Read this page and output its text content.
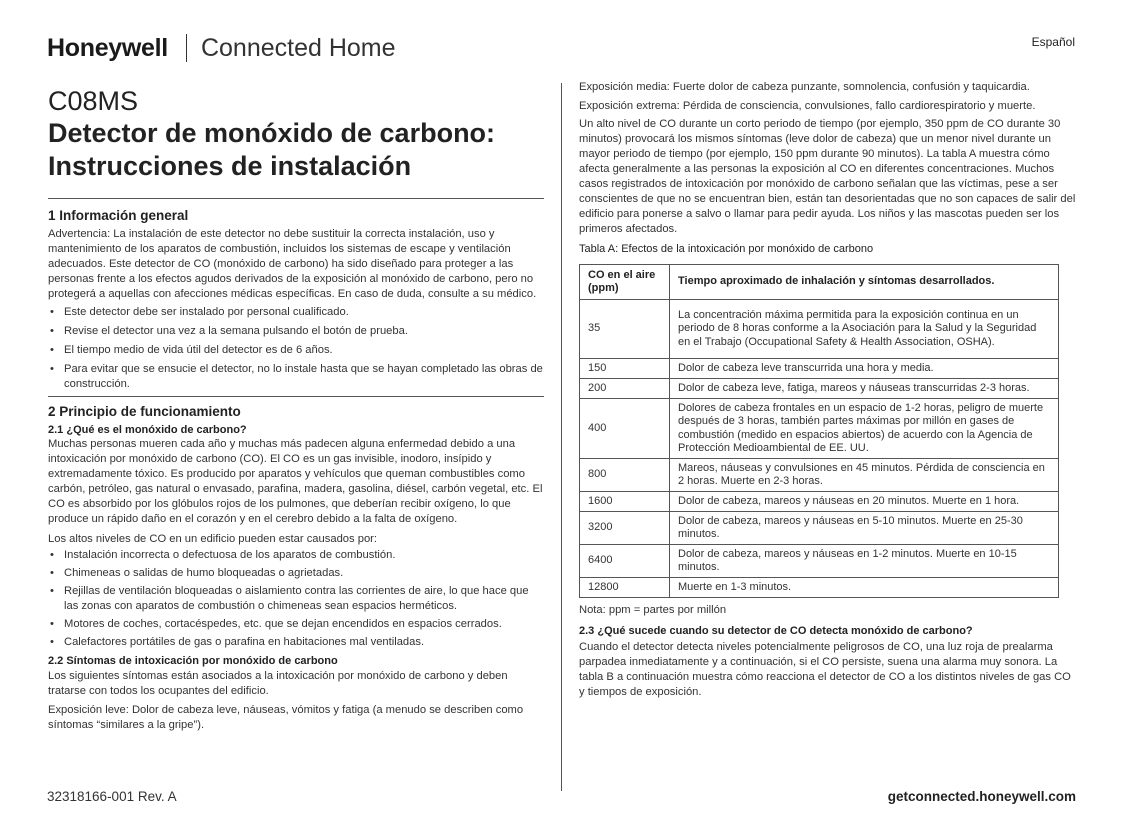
Honeywell Connected Home	Español
C08MS
Detector de monóxido de carbono:
Instrucciones de instalación
1 Información general
Advertencia: La instalación de este detector no debe sustituir la correcta instalación, uso y mantenimiento de los aparatos de combustión, incluidos los sistemas de escape y ventilación adecuados. Este detector de CO (monóxido de carbono) ha sido diseñado para proteger a las personas frente a los efectos agudos derivados de la exposición al monóxido de carbono, pero no protegerá a aquellas con afecciones médicas específicas. En caso de duda, consulte a su médico.
• Este detector debe ser instalado por personal cualificado.
• Revise el detector una vez a la semana pulsando el botón de prueba.
• El tiempo medio de vida útil del detector es de 6 años.
• Para evitar que se ensucie el detector, no lo instale hasta que se hayan completado las obras de construcción.
2 Principio de funcionamiento
2.1 ¿Qué es el monóxido de carbono?
Muchas personas mueren cada año y muchas más padecen alguna enfermedad debido a una intoxicación por monóxido de carbono (CO). El CO es un gas invisible, inodoro, insípido y extremadamente tóxico. Es producido por aparatos y vehículos que queman combustibles como carbón, petróleo, gas natural o envasado, parafina, madera, gasolina, diésel, carbón vegetal, etc. El CO es absorbido por los glóbulos rojos de los pulmones, que deberían recibir oxígeno, lo que produce un rápido daño en el corazón y en el cerebro debido a la falta de oxígeno.
Los altos niveles de CO en un edificio pueden estar causados por:
• Instalación incorrecta o defectuosa de los aparatos de combustión.
• Chimeneas o salidas de humo bloqueadas o agrietadas.
• Rejillas de ventilación bloqueadas o aislamiento contra las corrientes de aire, lo que hace que las zonas con aparatos de combustión o chimeneas sean espacios herméticos.
• Motores de coches, cortacéspedes, etc. que se dejan encendidos en espacios cerrados.
• Calefactores portátiles de gas o parafina en habitaciones mal ventiladas.
2.2 Síntomas de intoxicación por monóxido de carbono
Los siguientes síntomas están asociados a la intoxicación por monóxido de carbono y deben tratarse con todos los ocupantes del edificio.
Exposición leve: Dolor de cabeza leve, náuseas, vómitos y fatiga (a menudo se describen como síntomas “similares a la gripe”).
Exposición media: Fuerte dolor de cabeza punzante, somnolencia, confusión y taquicardia.
Exposición extrema: Pérdida de consciencia, convulsiones, fallo cardiorespiratorio y muerte.
Un alto nivel de CO durante un corto periodo de tiempo (por ejemplo, 350 ppm de CO durante 30 minutos) provocará los mismos síntomas (leve dolor de cabeza) que un menor nivel durante un mayor periodo de tiempo (por ejemplo, 150 ppm durante 90 minutos). La tabla A muestra cómo afecta generalmente a las personas la exposición al CO en diferentes concentraciones. Muchos casos registrados de intoxicación por monóxido de carbono señalan que las víctimas, pese a ser conscientes de que no se encuentran bien, están tan desorientadas que no son capaces de salir del edificio para ponerse a salvo o llamar para pedir ayuda. Los niños y las mascotas pueden ser los primeros afectados.
Tabla A: Efectos de la intoxicación por monóxido de carbono
CO en el aire (ppm)	Tiempo aproximado de inhalación y síntomas desarrollados.
35	La concentración máxima permitida para la exposición continua en un periodo de 8 horas conforme a la Asociación para la Salud y la Seguridad en el Trabajo (Occupational Safety & Health Association, OSHA).
150	Dolor de cabeza leve transcurrida una hora y media.
200	Dolor de cabeza leve, fatiga, mareos y náuseas transcurridas 2-3 horas.
400	Dolores de cabeza frontales en un espacio de 1-2 horas, peligro de muerte después de 3 horas, también partes máximas por millón en gases de combustión (medido en espacios abiertos) de acuerdo con la Agencia de Protección Medioambiental de EE. UU.
800	Mareos, náuseas y convulsiones en 45 minutos. Pérdida de consciencia en 2 horas. Muerte en 2-3 horas.
1600	Dolor de cabeza, mareos y náuseas en 20 minutos. Muerte en 1 hora.
3200	Dolor de cabeza, mareos y náuseas en 5-10 minutos. Muerte en 25-30 minutos.
6400	Dolor de cabeza, mareos y náuseas en 1-2 minutos. Muerte en 10-15 minutos.
12800	Muerte en 1-3 minutos.
Nota: ppm = partes por millón
2.3 ¿Qué sucede cuando su detector de CO detecta monóxido de carbono?
Cuando el detector detecta niveles potencialmente peligrosos de CO, una luz roja de prealarma parpadea inmediatamente y a continuación, si el CO persiste, suena una alarma muy sonora. La tabla B a continuación muestra cómo reacciona el detector de CO a los distintos niveles de gas CO y tiempos de exposición.
32318166-001 Rev. A	getconnected.honeywell.com
